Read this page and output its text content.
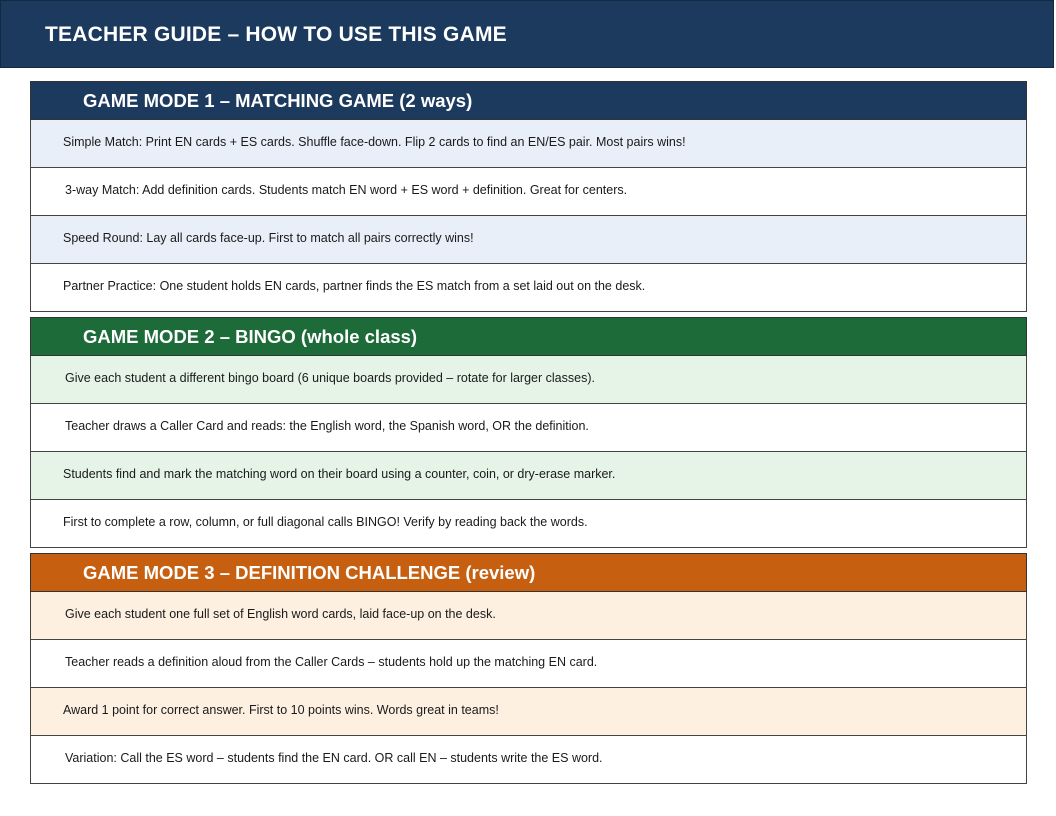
TEACHER GUIDE – HOW TO USE THIS GAME
GAME MODE 1 – MATCHING GAME (2 ways)
Simple Match: Print EN cards + ES cards. Shuffle face-down. Flip 2 cards to find an EN/ES pair. Most pairs wins!
3-way Match: Add definition cards. Students match EN word + ES word + definition. Great for centers.
Speed Round: Lay all cards face-up. First to match all pairs correctly wins!
Partner Practice: One student holds EN cards, partner finds the ES match from a set laid out on the desk.
GAME MODE 2 – BINGO (whole class)
Give each student a different bingo board (6 unique boards provided – rotate for larger classes).
Teacher draws a Caller Card and reads: the English word, the Spanish word, OR the definition.
Students find and mark the matching word on their board using a counter, coin, or dry-erase marker.
First to complete a row, column, or full diagonal calls BINGO! Verify by reading back the words.
GAME MODE 3 – DEFINITION CHALLENGE (review)
Give each student one full set of English word cards, laid face-up on the desk.
Teacher reads a definition aloud from the Caller Cards – students hold up the matching EN card.
Award 1 point for correct answer. First to 10 points wins. Words great in teams!
Variation: Call the ES word – students find the EN card. OR call EN – students write the ES word.
